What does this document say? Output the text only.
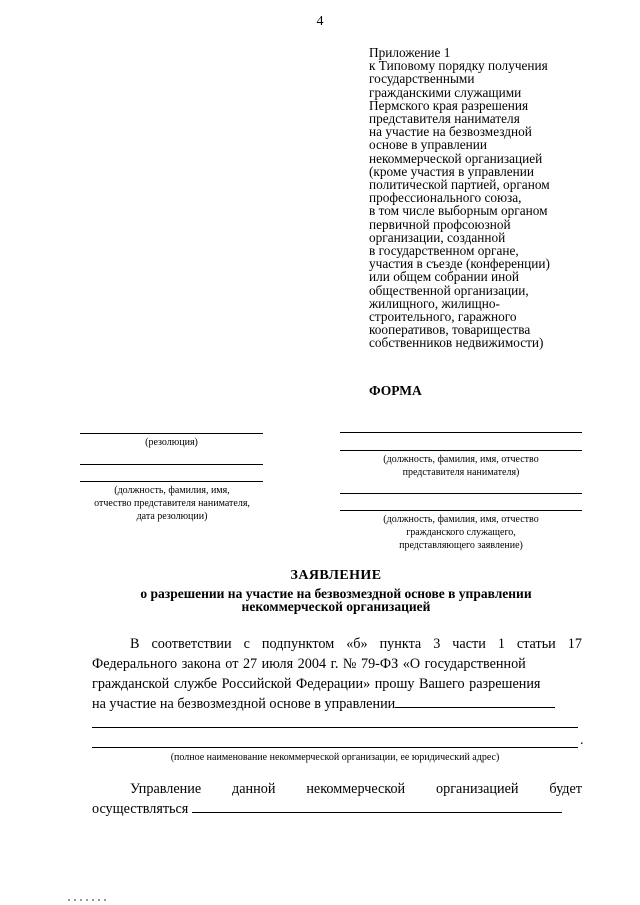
4
Приложение 1
к Типовому порядку получения
государственными
гражданскими служащими
Пермского края разрешения
представителя нанимателя
на участие на безвозмездной
основе в управлении
некоммерческой организацией
(кроме участия в управлении
политической партией, органом
профессионального союза,
в том числе выборным органом
первичной профсоюзной
организации, созданной
в государственном органе,
участия в съезде (конференции)
или общем собрании иной
общественной организации,
жилищного, жилищно-
строительного, гаражного
кооперативов, товарищества
собственников недвижимости)
ФОРМА
(резолюция)
(должность, фамилия, имя,
отчество представителя нанимателя,
дата резолюции)
(должность, фамилия, имя, отчество
представителя нанимателя)
(должность, фамилия, имя, отчество
гражданского служащего,
представляющего заявление)
ЗАЯВЛЕНИЕ
о разрешении на участие на безвозмездной основе в управлении
некоммерческой организацией
В соответствии с подпунктом «б» пункта 3 части 1 статьи 17
Федерального закона от 27 июля 2004 г. № 79-ФЗ «О государственной
гражданской службе Российской Федерации» прошу Вашего разрешения
на участие на безвозмездной основе в управлении
.
(полное наименование некоммерческой организации, ее юридический адрес)
Управление данной некоммерческой организацией будет
осуществляться
